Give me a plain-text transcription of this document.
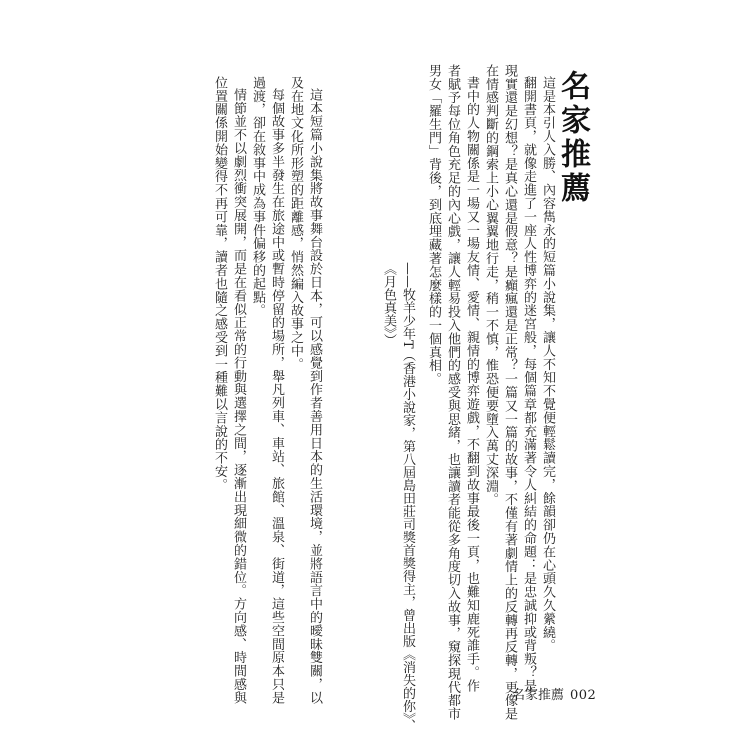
名家推薦
這是本引人入勝、內容雋永的短篇小說集，讓人不知不覺便輕鬆讀完，餘韻卻仍在心頭久久縈繞。
翻開書頁，就像走進了一座人性博弈的迷宮般，每個篇章都充滿著令人糾結的命題：是忠誠抑或背叛？是
現實還是幻想？是真心還是假意？是癲瘋還是正常？一篇又一篇的故事，不僅有著劇情上的反轉再反轉，更像是
在情感判斷的鋼索上小心翼翼地行走，稍一不慎，惟恐便要墮入萬丈深淵。
書中的人物關係是一場又一場友情、愛情、親情的博弈遊戲，不翻到故事最後一頁，也難知鹿死誰手。作
者賦予每位角色充足的內心戲，讓人輕易投入他們的感受與思緒，也讓讀者能從多角度切入故事，窺探現代都市
男女「羅生門」背後，到底埋藏著怎麼樣的一個真相。
——牧羊少年T（香港小說家，第八屆島田莊司獎首獎得主，曾出版《消失的你》、
《月色真美》）
這本短篇小說集將故事舞台設於日本，可以感覺到作者善用日本的生活環境，並將語言中的曖昧雙關，以
及在地文化所形塑的距離感，悄然編入故事之中。
每個故事多半發生在旅途中或暫時停留的場所，舉凡列車、車站、旅館、溫泉、街道，這些空間原本只是
過渡，卻在敘事中成為事件偏移的起點。
情節並不以劇烈衝突展開，而是在看似正常的行動與選擇之間，逐漸出現細微的錯位。方向感、時間感與
位置關係開始變得不再可靠，讀者也隨之感受到一種難以言說的不安。
名家推薦 002
